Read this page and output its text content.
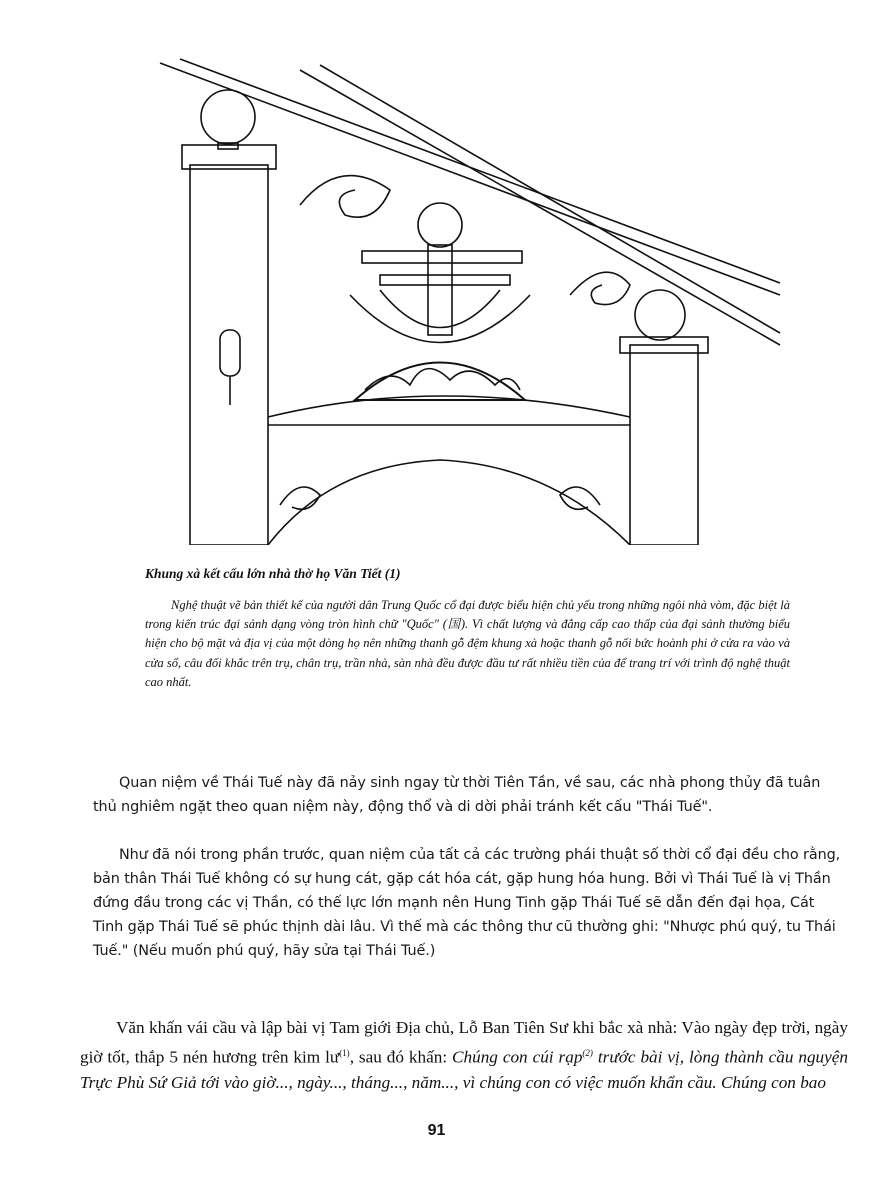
Khung xà kết cấu lớn nhà thờ họ Văn Tiết (1)

Nghệ thuật vẽ bản thiết kế của người dân Trung Quốc cổ đại được biểu hiện chủ yếu trong những ngôi nhà vòm, đặc biệt là trong kiến trúc đại sảnh dạng vòng tròn hình chữ "Quốc" (国). Vì chất lượng và đẳng cấp cao thấp của đại sảnh thường biểu hiện cho bộ mặt và địa vị của một dòng họ nên những thanh gỗ đệm khung xà hoặc thanh gỗ nối bức hoành phi ở cửa ra vào và cửa sổ, câu đối khắc trên trụ, chân trụ, trần nhà, sàn nhà đều được đầu tư rất nhiều tiền của để trang trí với trình độ nghệ thuật cao nhất.

Quan niệm về Thái Tuế này đã nảy sinh ngay từ thời Tiên Tần, về sau, các nhà phong thủy đã tuân thủ nghiêm ngặt theo quan niệm này, động thổ và di dời phải tránh kết cấu "Thái Tuế".

Như đã nói trong phần trước, quan niệm của tất cả các trường phái thuật số thời cổ đại đều cho rằng, bản thân Thái Tuế không có sự hung cát, gặp cát hóa cát, gặp hung hóa hung. Bởi vì Thái Tuế là vị Thần đứng đầu trong các vị Thần, có thế lực lớn mạnh nên Hung Tinh gặp Thái Tuế sẽ dẫn đến đại họa, Cát Tinh gặp Thái Tuế sẽ phúc thịnh dài lâu. Vì thế mà các thông thư cũ thường ghi: "Nhược phú quý, tu Thái Tuế." (Nếu muốn phú quý, hãy sửa tại Thái Tuế.)

Văn khấn vái cầu và lập bài vị Tam giới Địa chủ, Lỗ Ban Tiên Sư khi bắc xà nhà: Vào ngày đẹp trời, ngày giờ tốt, thắp 5 nén hương trên kim $lư^{(1)}$, sau đó khấn: Chúng con cúi rạp$^{(2)}$ trước bài vị, lòng thành cầu nguyện Trực Phù Sứ Giả tới vào giờ..., ngày..., tháng..., năm..., vì chúng con có việc muốn khẩn cầu. Chúng con bao

91
